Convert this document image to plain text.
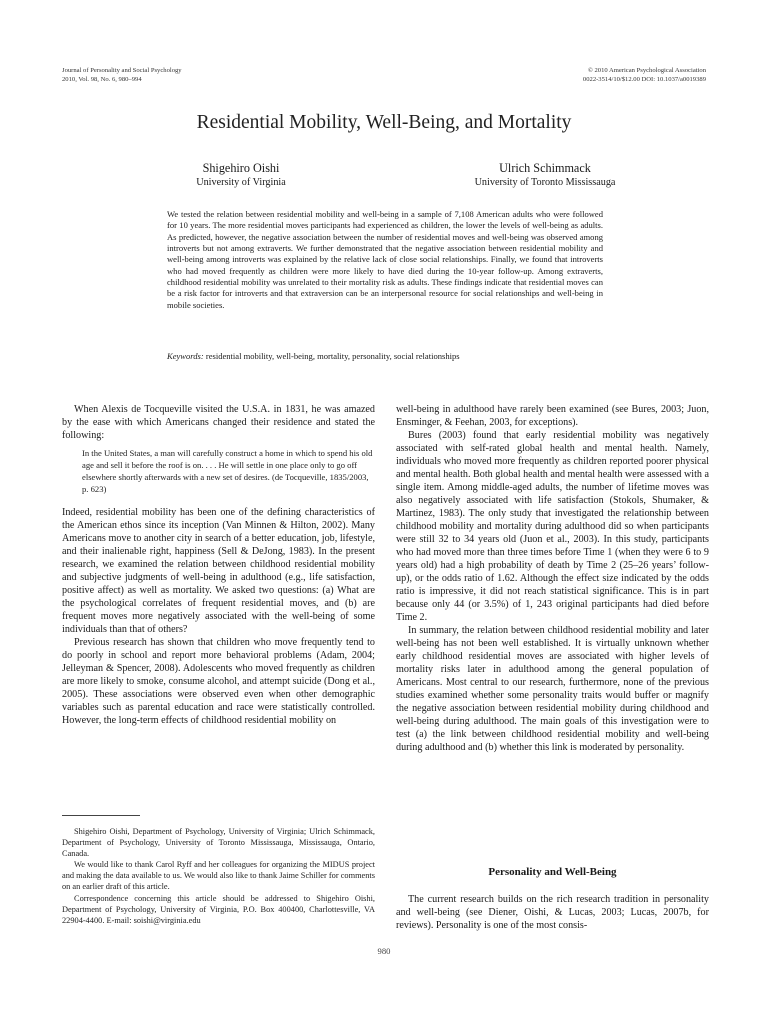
Journal of Personality and Social Psychology
2010, Vol. 98, No. 6, 980–994
© 2010 American Psychological Association
0022-3514/10/$12.00 DOI: 10.1037/a0019389
Residential Mobility, Well-Being, and Mortality
Shigehiro Oishi
University of Virginia
Ulrich Schimmack
University of Toronto Mississauga
We tested the relation between residential mobility and well-being in a sample of 7,108 American adults who were followed for 10 years. The more residential moves participants had experienced as children, the lower the levels of well-being as adults. As predicted, however, the negative association between the number of residential moves and well-being was observed among introverts but not among extraverts. We further demonstrated that the negative association between residential mobility and well-being among introverts was explained by the relative lack of close social relationships. Finally, we found that introverts who had moved frequently as children were more likely to have died during the 10-year follow-up. Among extraverts, childhood residential mobility was unrelated to their mortality risk as adults. These findings indicate that residential moves can be a risk factor for introverts and that extraversion can be an interpersonal resource for social relationships and well-being in mobile societies.
Keywords: residential mobility, well-being, mortality, personality, social relationships

When Alexis de Tocqueville visited the U.S.A. in 1831, he was amazed by the ease with which Americans changed their residence and stated the following:

In the United States, a man will carefully construct a home in which to spend his old age and sell it before the roof is on. . . . He will settle in one place only to go off elsewhere shortly afterwards with a new set of desires. (de Tocqueville, 1835/2003, p. 623)

Indeed, residential mobility has been one of the defining characteristics of the American ethos since its inception (Van Minnen & Hilton, 2002). Many Americans move to another city in search of a better education, job, lifestyle, and their inalienable right, happiness (Sell & DeJong, 1983). In the present research, we examined the relation between childhood residential mobility and subjective judgments of well-being in adulthood (e.g., life satisfaction, positive affect) as well as mortality. We asked two questions: (a) What are the psychological correlates of frequent residential moves, and (b) are frequent moves more negatively associated with the well-being of some individuals than that of others?

Previous research has shown that children who move frequently tend to do poorly in school and report more behavioral problems (Adam, 2004; Jelleyman & Spencer, 2008). Adolescents who moved frequently as children are more likely to smoke, consume alcohol, and attempt suicide (Dong et al., 2005). These associations were observed even when other demographic variables such as parental education and race were statistically controlled. However, the long-term effects of childhood residential mobility on

well-being in adulthood have rarely been examined (see Bures, 2003; Juon, Ensminger, & Feehan, 2003, for exceptions).

Bures (2003) found that early residential mobility was negatively associated with self-rated global health and mental health. Namely, individuals who moved more frequently as children reported poorer physical and mental health. Both global health and mental health were assessed with a single item. Among middle-aged adults, the number of lifetime moves was also negatively associated with life satisfaction (Stokols, Shumaker, & Martinez, 1983). The only study that investigated the relationship between childhood mobility and mortality during adulthood did so when participants were still 32 to 34 years old (Juon et al., 2003). In this study, participants who had moved more than three times before Time 1 (when they were 6 to 9 years old) had a high probability of death by Time 2 (25–26 years’ follow-up), or the odds ratio of 1.62. Although the effect size indicated by the odds ratio is impressive, it did not reach statistical significance. This is in part because only 44 (or 3.5%) of 1, 243 original participants had died before Time 2.

In summary, the relation between childhood residential mobility and later well-being has not been well established. It is virtually unknown whether early childhood residential moves are associated with higher levels of mortality risks later in adulthood among the general population of Americans. Most central to our research, furthermore, none of the previous studies examined whether some personality traits would buffer or magnify the negative association between residential mobility during childhood and well-being during adulthood. The main goals of this investigation were to test (a) the link between childhood residential mobility and well-being during adulthood and (b) whether this link is moderated by personality.

Personality and Well-Being

The current research builds on the rich research tradition in personality and well-being (see Diener, Oishi, & Lucas, 2003; Lucas, 2007b, for reviews). Personality is one of the most consis-

Shigehiro Oishi, Department of Psychology, University of Virginia; Ulrich Schimmack, Department of Psychology, University of Toronto Mississauga, Mississauga, Ontario, Canada.

We would like to thank Carol Ryff and her colleagues for organizing the MIDUS project and making the data available to us. We would also like to thank Jaime Schiller for comments on an earlier draft of this article.

Correspondence concerning this article should be addressed to Shigehiro Oishi, Department of Psychology, University of Virginia, P.O. Box 400400, Charlottesville, VA 22904-4400. E-mail: soishi@virginia.edu

980
